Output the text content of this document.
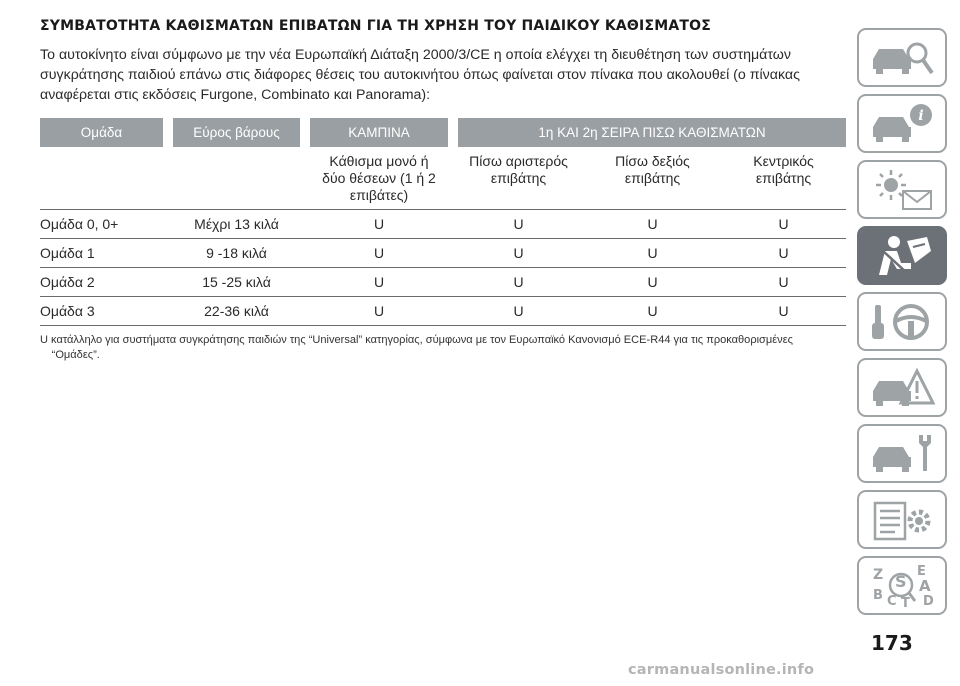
ΣΥΜΒΑΤΟΤΗΤΑ ΚΑΘΙΣΜΑΤΩΝ ΕΠΙΒΑΤΩΝ ΓΙΑ ΤΗ ΧΡΗΣΗ ΤΟΥ ΠΑΙΔΙΚΟΥ ΚΑΘΙΣΜΑΤΟΣ
Το αυτοκίνητο είναι σύμφωνο με την νέα Ευρωπαϊκή Διάταξη 2000/3/CE η οποία ελέγχει τη διευθέτηση των συστημάτων
συγκράτησης παιδιού επάνω στις διάφορες θέσεις του αυτοκινήτου όπως φαίνεται στον πίνακα που ακολουθεί (ο πίνακας
αναφέρεται στις εκδόσεις Furgone, Combinato και Panorama):
Ομάδα	Εύρος βάρους	ΚΑΜΠΙΝΑ	1η ΚΑΙ 2η ΣΕΙΡΑ ΠΙΣΩ ΚΑΘΙΣΜΑΤΩΝ		
		Κάθισμα μονό ή
δύο θέσεων (1 ή 2
επιβάτες)	Πίσω αριστερός
επιβάτης	Πίσω δεξιός
επιβάτης	Κεντρικός
επιβάτης
Ομάδα 0, 0+	Μέχρι 13 κιλά	U	U	U	U
Ομάδα 1	9 -18 κιλά	U	U	U	U
Ομάδα 2	15 -25 κιλά	U	U	U	U
Ομάδα 3	22-36 κιλά	U	U	U	U
U κατάλληλο για συστήματα συγκράτησης παιδιών της “Universal” κατηγορίας, σύμφωνα με τον Ευρωπαϊκό Κανονισμό ECE-R44 για τις προκαθορισμένες
“Ομάδες”.
i
Z	E
S A
B C T D
173
carmanualsonline.info
